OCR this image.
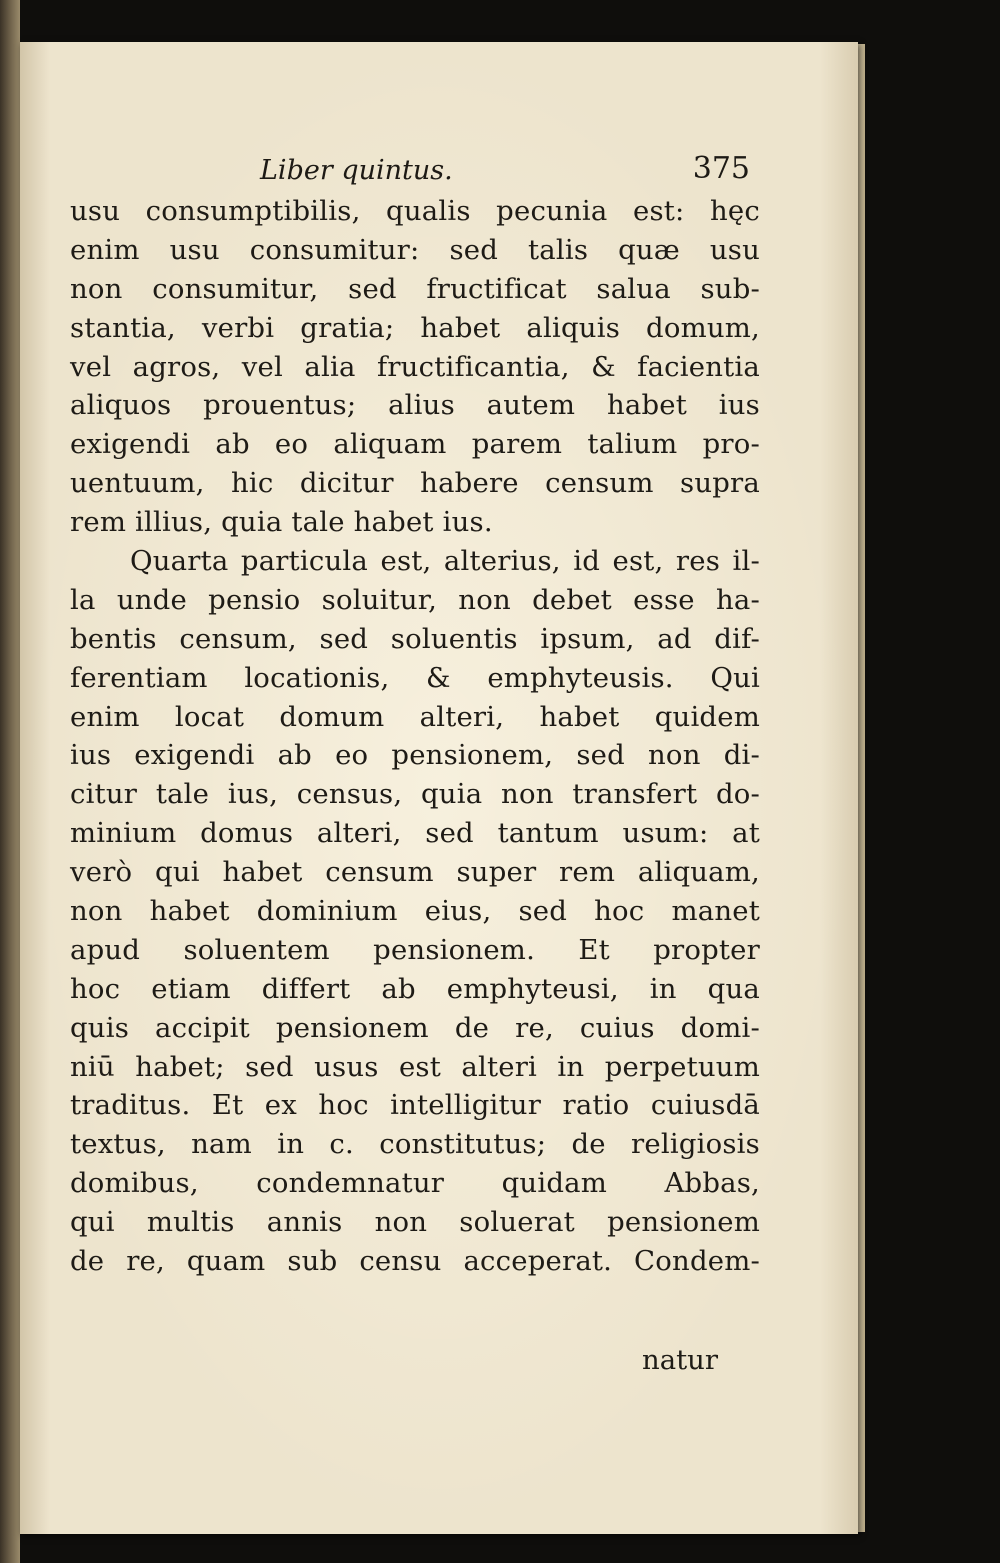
Liber quintus.	375
usu consumptibilis, qualis pecunia est: hęc
enim usu consumitur: sed talis quæ usu
non consumitur, sed fructificat salua sub-
stantia, verbi gratia; habet aliquis domum,
vel agros, vel alia fructificantia, & facientia
aliquos prouentus; alius autem habet ius
exigendi ab eo aliquam parem talium pro-
uentuum, hic dicitur habere censum supra
rem illius, quia tale habet ius.
Quarta particula est, alterius, id est, res il-
la unde pensio soluitur, non debet esse ha-
bentis censum, sed soluentis ipsum, ad dif-
ferentiam locationis, & emphyteusis. Qui
enim locat domum alteri, habet quidem
ius exigendi ab eo pensionem, sed non di-
citur tale ius, census, quia non transfert do-
minium domus alteri, sed tantum usum: at
verò qui habet censum super rem aliquam,
non habet dominium eius, sed hoc manet
apud soluentem pensionem. Et propter
hoc etiam differt ab emphyteusi, in qua
quis accipit pensionem de re, cuius domi-
niū habet; sed usus est alteri in perpetuum
traditus. Et ex hoc intelligitur ratio cuiusdā
textus, nam in c. constitutus; de religiosis
domibus, condemnatur quidam Abbas,
qui multis annis non soluerat pensionem
de re, quam sub censu acceperat. Condem-
natur
